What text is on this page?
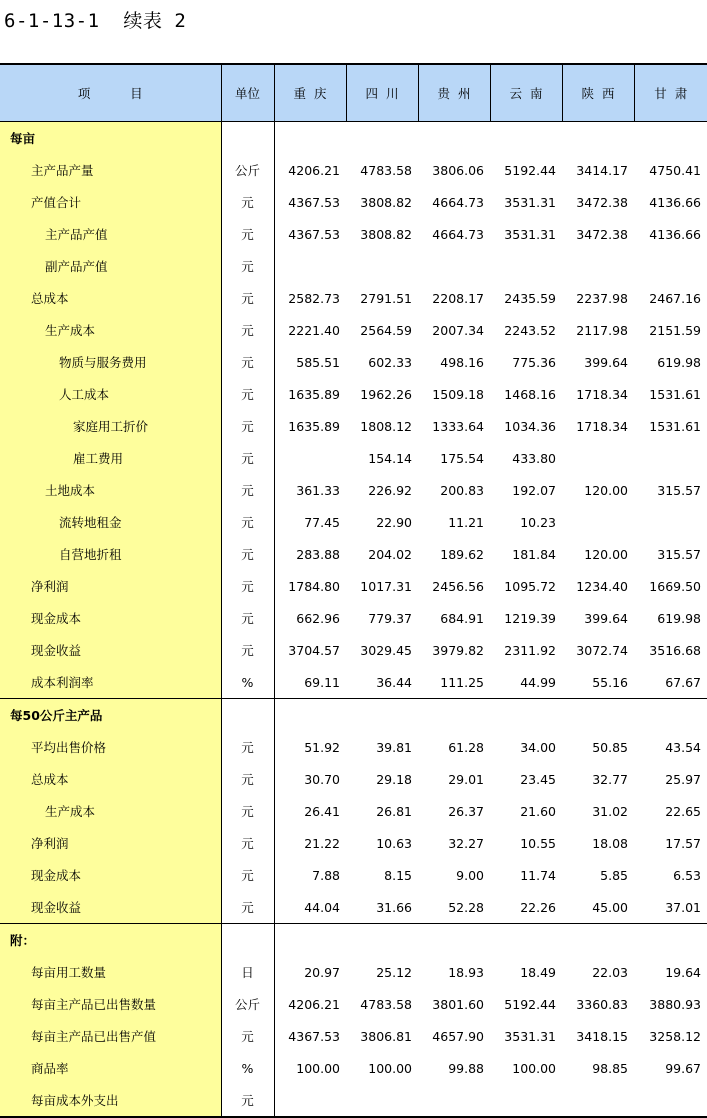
6-1-13-1  续表 2
项          目	单位	重  庆	四  川	贵  州	云  南	陕  西	甘  肃
每亩							
主产品产量	公斤	4206.21	4783.58	3806.06	5192.44	3414.17	4750.41
产值合计	元	4367.53	3808.82	4664.73	3531.31	3472.38	4136.66
主产品产值	元	4367.53	3808.82	4664.73	3531.31	3472.38	4136.66
副产品产值	元						
总成本	元	2582.73	2791.51	2208.17	2435.59	2237.98	2467.16
生产成本	元	2221.40	2564.59	2007.34	2243.52	2117.98	2151.59
物质与服务费用	元	585.51	602.33	498.16	775.36	399.64	619.98
人工成本	元	1635.89	1962.26	1509.18	1468.16	1718.34	1531.61
家庭用工折价	元	1635.89	1808.12	1333.64	1034.36	1718.34	1531.61
雇工费用	元		154.14	175.54	433.80		
土地成本	元	361.33	226.92	200.83	192.07	120.00	315.57
流转地租金	元	77.45	22.90	11.21	10.23		
自营地折租	元	283.88	204.02	189.62	181.84	120.00	315.57
净利润	元	1784.80	1017.31	2456.56	1095.72	1234.40	1669.50
现金成本	元	662.96	779.37	684.91	1219.39	399.64	619.98
现金收益	元	3704.57	3029.45	3979.82	2311.92	3072.74	3516.68
成本利润率	%	69.11	36.44	111.25	44.99	55.16	67.67
每50公斤主产品							
平均出售价格	元	51.92	39.81	61.28	34.00	50.85	43.54
总成本	元	30.70	29.18	29.01	23.45	32.77	25.97
生产成本	元	26.41	26.81	26.37	21.60	31.02	22.65
净利润	元	21.22	10.63	32.27	10.55	18.08	17.57
现金成本	元	7.88	8.15	9.00	11.74	5.85	6.53
现金收益	元	44.04	31.66	52.28	22.26	45.00	37.01
附：							
每亩用工数量	日	20.97	25.12	18.93	18.49	22.03	19.64
每亩主产品已出售数量	公斤	4206.21	4783.58	3801.60	5192.44	3360.83	3880.93
每亩主产品已出售产值	元	4367.53	3806.81	4657.90	3531.31	3418.15	3258.12
商品率	%	100.00	100.00	99.88	100.00	98.85	99.67
每亩成本外支出	元						
